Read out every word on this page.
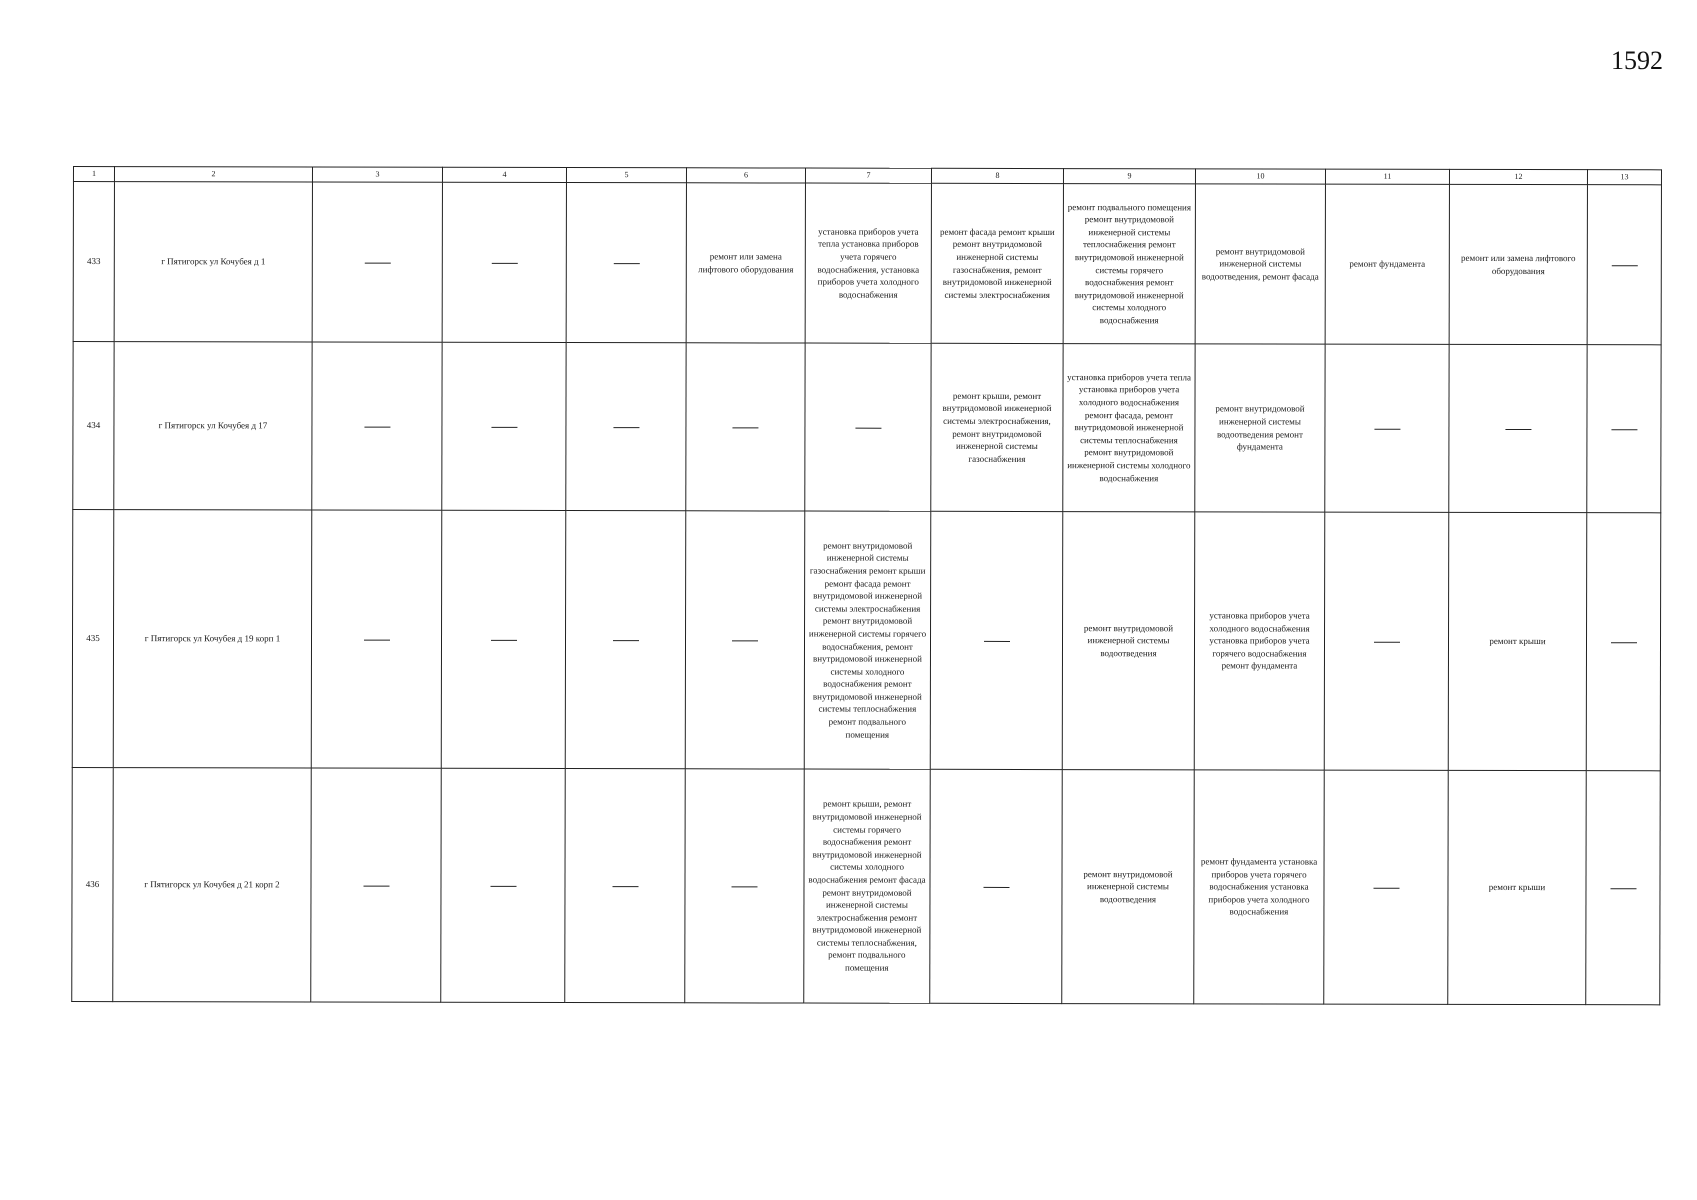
1592
1	2	3	4	5	6	7	8	9	10	11	12	13
433	г Пятигорск ул Кочубея д 1				ремонт или замена лифтового оборудования	установка приборов учета тепла установка приборов учета горячего водоснабжения, установка приборов учета холодного водоснабжения	ремонт фасада ремонт крыши ремонт внутридомовой инженерной системы газоснабжения, ремонт внутридомовой инженерной системы электроснабжения	ремонт подвального помещения ремонт внутридомовой инженерной системы теплоснабжения ремонт внутридомовой инженерной системы горячего водоснабжения ремонт внутридомовой инженерной системы холодного водоснабжения	ремонт внутридомовой инженерной системы водоотведения, ремонт фасада	ремонт фундамента	ремонт или замена лифтового оборудования	

434	г Пятигорск ул Кочубея д 17						ремонт крыши, ремонт внутридомовой инженерной системы электроснабжения, ремонт внутридомовой инженерной системы газоснабжения	установка приборов учета тепла установка приборов учета холодного водоснабжения ремонт фасада, ремонт внутридомовой инженерной системы теплоснабжения ремонт внутридомовой инженерной системы холодного водоснабжения	ремонт внутридомовой инженерной системы водоотведения ремонт фундамента			

435	г Пятигорск ул Кочубея д 19 корп 1					ремонт внутридомовой инженерной системы газоснабжения ремонт крыши ремонт фасада ремонт внутридомовой инженерной системы электроснабжения ремонт внутридомовой инженерной системы горячего водоснабжения, ремонт внутридомовой инженерной системы холодного водоснабжения ремонт внутридомовой инженерной системы теплоснабжения ремонт подвального помещения		ремонт внутридомовой инженерной системы водоотведения	установка приборов учета холодного водоснабжения установка приборов учета горячего водоснабжения ремонт фундамента		ремонт крыши	

436	г Пятигорск ул Кочубея д 21 корп 2					ремонт крыши, ремонт внутридомовой инженерной системы горячего водоснабжения ремонт внутридомовой инженерной системы холодного водоснабжения ремонт фасада ремонт внутридомовой инженерной системы электроснабжения ремонт внутридомовой инженерной системы теплоснабжения, ремонт подвального помещения		ремонт внутридомовой инженерной системы водоотведения	ремонт фундамента установка приборов учета горячего водоснабжения установка приборов учета холодного водоснабжения		ремонт крыши	
